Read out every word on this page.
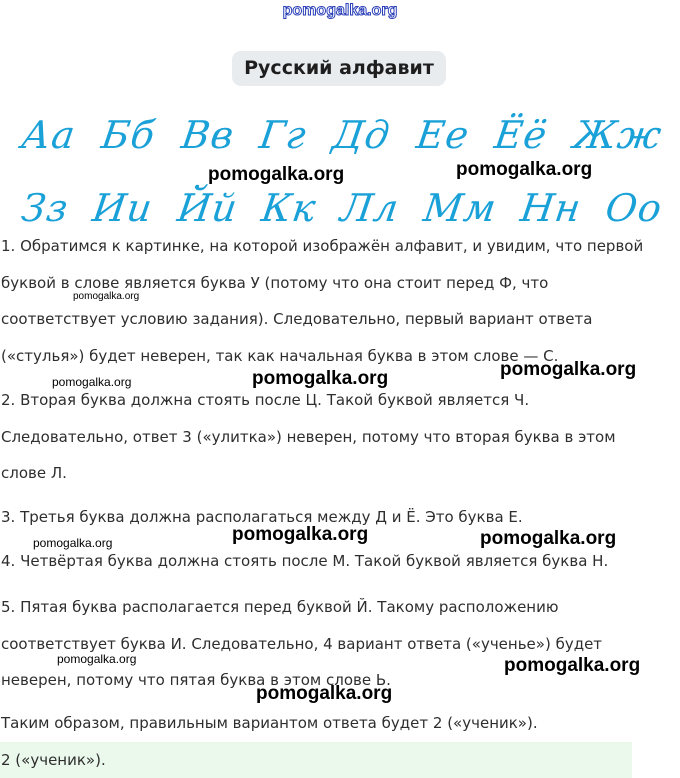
pomogalka.org
Русский алфавит
Аа Бб Вв Гг Дд Ее Ёё Жж
Зз Ии Йй Кк Лл Мм Нн Оо
1. Обратимся к картинке, на которой изображён алфавит, и увидим, что первой
буквой в слове является буква У (потому что она стоит перед Ф, что
соответствует условию задания). Следовательно, первый вариант ответа
(«стулья») будет неверен, так как начальная буква в этом слове — С.
2. Вторая буква должна стоять после Ц. Такой буквой является Ч.
Следовательно, ответ 3 («улитка») неверен, потому что вторая буква в этом
слове Л.
3. Третья буква должна располагаться между Д и Ё. Это буква Е.
4. Четвёртая буква должна стоять после М. Такой буквой является буква Н.
5. Пятая буква располагается перед буквой Й. Такому расположению
соответствует буква И. Следовательно, 4 вариант ответа («ученье») будет
неверен, потому что пятая буква в этом слове Ь.
Таким образом, правильным вариантом ответа будет 2 («ученик»).
2 («ученик»).
pomogalka.org	pomogalka.org
pomogalka.org
pomogalka.org	pomogalka.org	pomogalka.org
pomogalka.org	pomogalka.org	pomogalka.org
pomogalka.org	pomogalka.org
pomogalka.org
